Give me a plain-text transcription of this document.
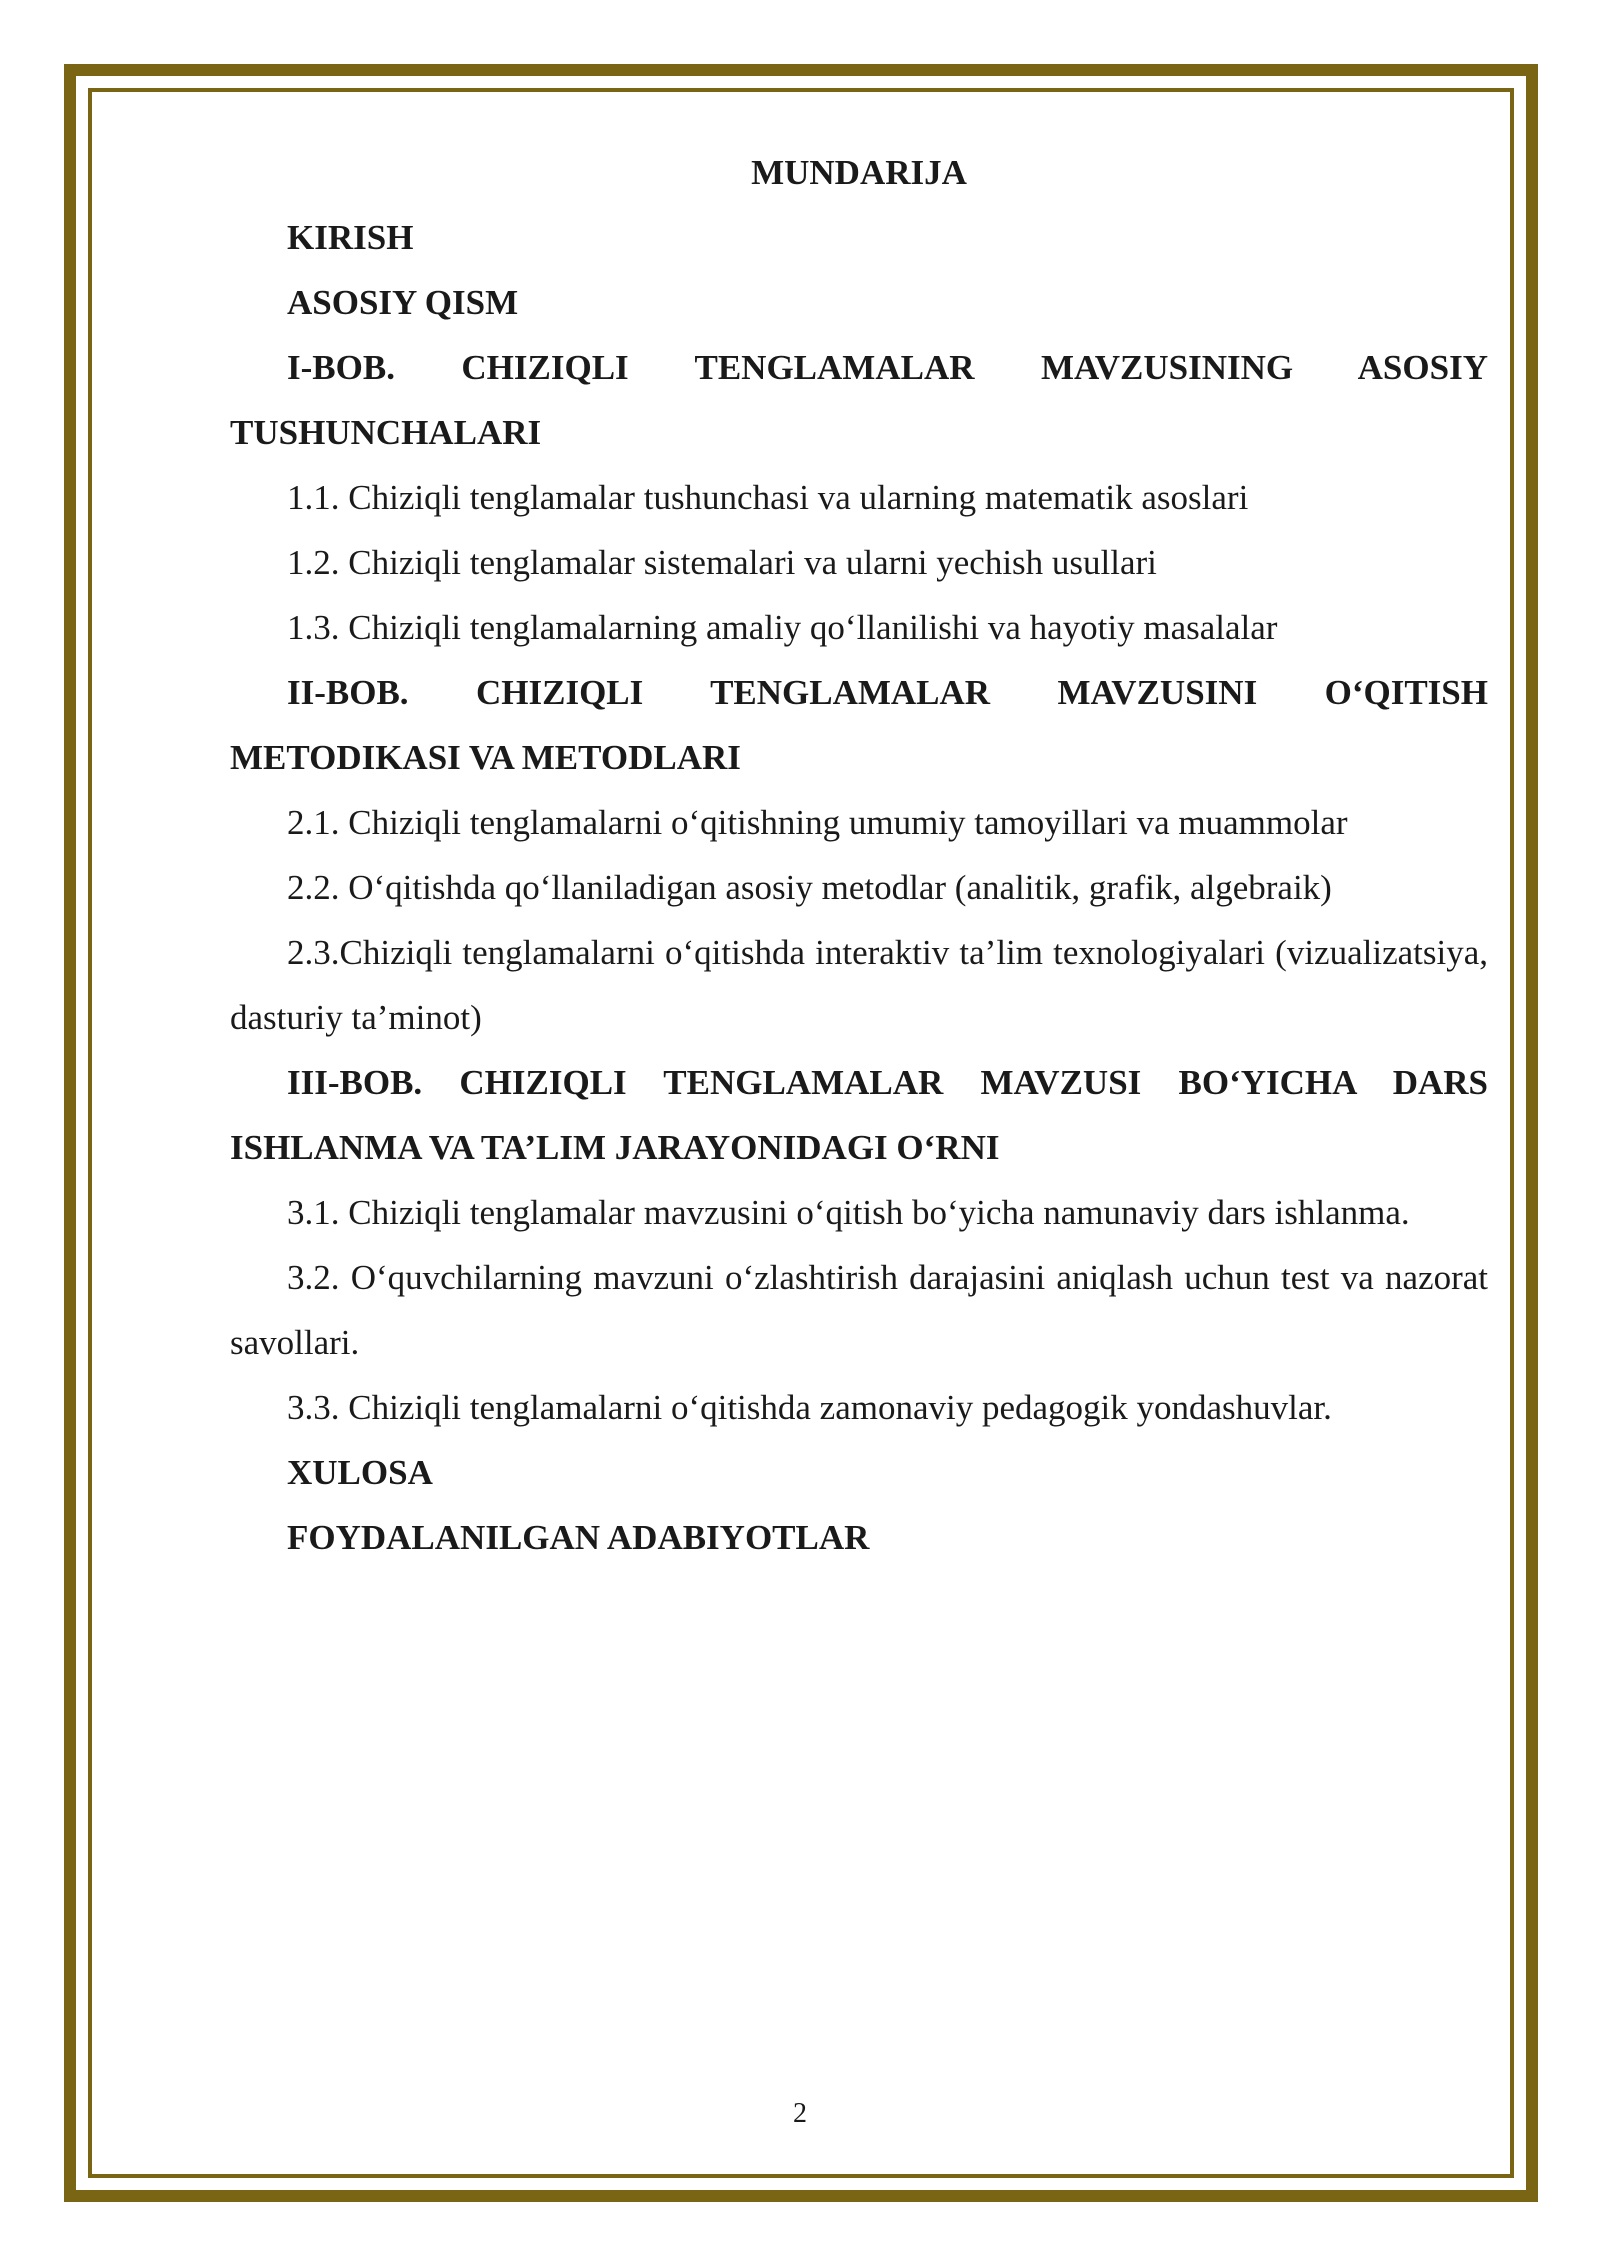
MUNDARIJA
KIRISH
ASOSIY QISM
I-BOB. CHIZIQLI TENGLAMALAR MAVZUSINING ASOSIY TUSHUNCHALARI
1.1. Chiziqli tenglamalar tushunchasi va ularning matematik asoslari
1.2. Chiziqli tenglamalar sistemalari va ularni yechish usullari
1.3. Chiziqli tenglamalarning amaliy qo‘llanilishi va hayotiy masalalar
II-BOB. CHIZIQLI TENGLAMALAR MAVZUSINI O‘QITISH METODIKASI VA METODLARI
2.1. Chiziqli tenglamalarni o‘qitishning umumiy tamoyillari va muammolar
2.2. O‘qitishda qo‘llaniladigan asosiy metodlar (analitik, grafik, algebraik)
2.3.Chiziqli tenglamalarni o‘qitishda interaktiv ta’lim texnologiyalari (vizualizatsiya, dasturiy ta’minot)
III-BOB. CHIZIQLI TENGLAMALAR MAVZUSI BO‘YICHA DARS ISHLANMA VA TA’LIM JARAYONIDAGI O‘RNI
3.1. Chiziqli tenglamalar mavzusini o‘qitish bo‘yicha namunaviy dars ishlanma.
3.2. O‘quvchilarning mavzuni o‘zlashtirish darajasini aniqlash uchun test va nazorat savollari.
3.3. Chiziqli tenglamalarni o‘qitishda zamonaviy pedagogik yondashuvlar.
XULOSA
FOYDALANILGAN ADABIYOTLAR
2
